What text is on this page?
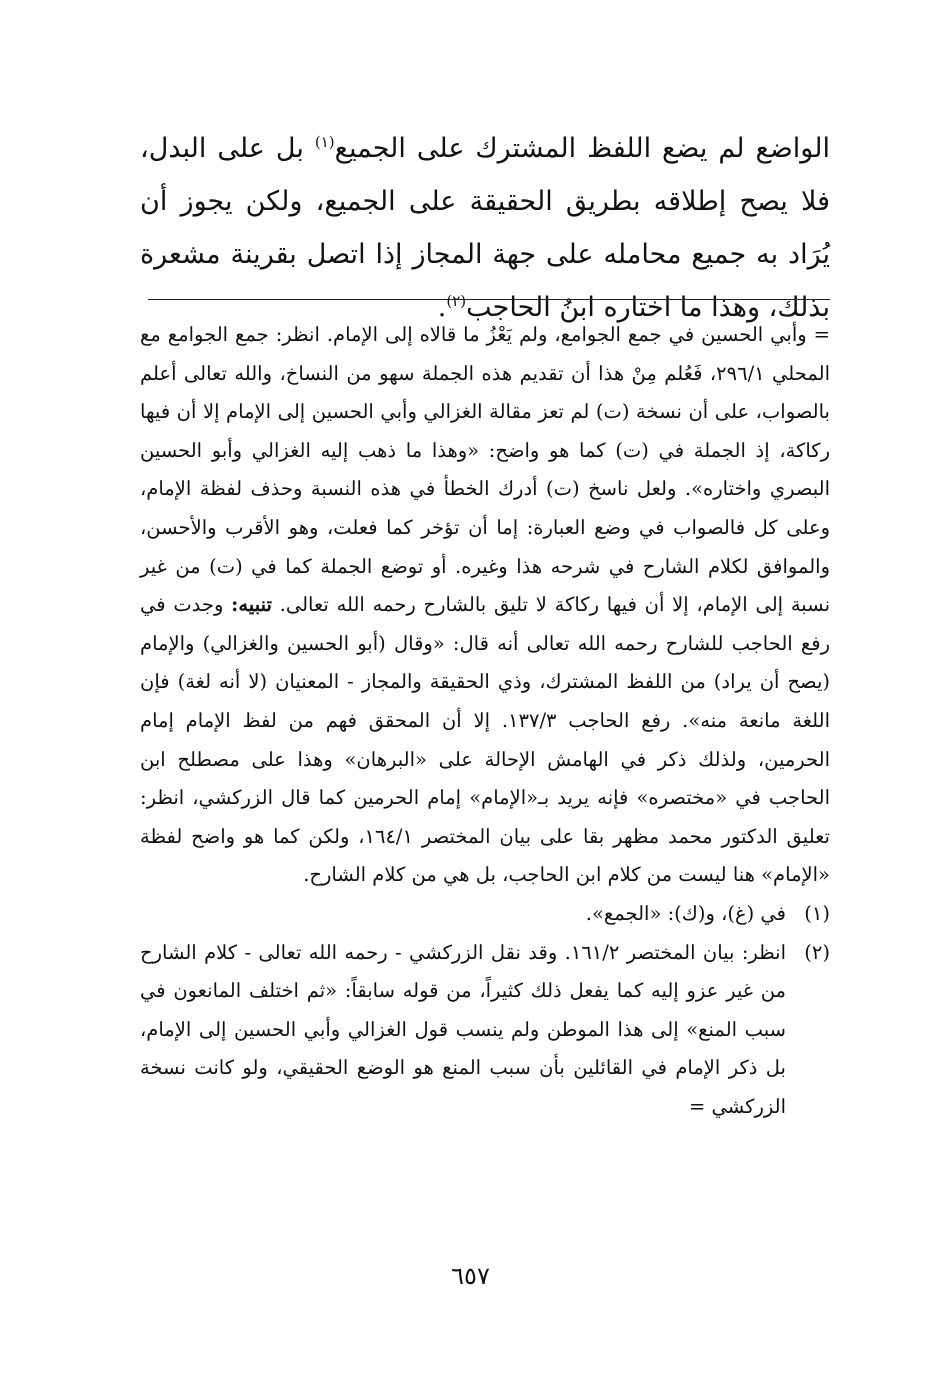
الواضع لم يضع اللفظ المشترك على الجميع$^{(١)}$ بل على البدل، فلا يصح إطلاقه بطريق الحقيقة على الجميع، ولكن يجوز أن يُرَاد به جميع محامله على جهة المجاز إذا اتصل بقرينة مشعرة بذلك، وهذا ما اختاره ابنُ الحاجب$^{(٢)}$.

= وأبي الحسين في جمع الجوامع، ولم يَعْزُ ما قالاه إلى الإمام. انظر: جمع الجوامع مع المحلي ٢٩٦/١، فَعُلم مِنْ هذا أن تقديم هذه الجملة سهو من النساخ، والله تعالى أعلم بالصواب، على أن نسخة (ت) لم تعز مقالة الغزالي وأبي الحسين إلى الإمام إلا أن فيها ركاكة، إذ الجملة في (ت) كما هو واضح: «وهذا ما ذهب إليه الغزالي وأبو الحسين البصري واختاره». ولعل ناسخ (ت) أدرك الخطأ في هذه النسبة وحذف لفظة الإمام، وعلى كل فالصواب في وضع العبارة: إما أن تؤخر كما فعلت، وهو الأقرب والأحسن، والموافق لكلام الشارح في شرحه هذا وغيره. أو توضع الجملة كما في (ت) من غير نسبة إلى الإمام، إلا أن فيها ركاكة لا تليق بالشارح رحمه الله تعالى. تنبيه: وجدت في رفع الحاجب للشارح رحمه الله تعالى أنه قال: «وقال (أبو الحسين والغزالي) والإمام (يصح أن يراد) من اللفظ المشترك، وذي الحقيقة والمجاز - المعنيان (لا أنه لغة) فإن اللغة مانعة منه». رفع الحاجب ١٣٧/٣. إلا أن المحقق فهم من لفظ الإمام إمام الحرمين، ولذلك ذكر في الهامش الإحالة على «البرهان» وهذا على مصطلح ابن الحاجب في «مختصره» فإنه يريد بـ«الإمام» إمام الحرمين كما قال الزركشي، انظر: تعليق الدكتور محمد مظهر بقا على بيان المختصر ١٦٤/١، ولكن كما هو واضح لفظة «الإمام» هنا ليست من كلام ابن الحاجب، بل هي من كلام الشارح.

(١)
في (غ)، و(ك): «الجمع».
(٢)
انظر: بيان المختصر ١٦١/٢. وقد نقل الزركشي - رحمه الله تعالى - كلام الشارح من غير عزو إليه كما يفعل ذلك كثيراً، من قوله سابقاً: «ثم اختلف المانعون في سبب المنع» إلى هذا الموطن ولم ينسب قول الغزالي وأبي الحسين إلى الإمام، بل ذكر الإمام في القائلين بأن سبب المنع هو الوضع الحقيقي، ولو كانت نسخة الزركشي =
٦٥٧
